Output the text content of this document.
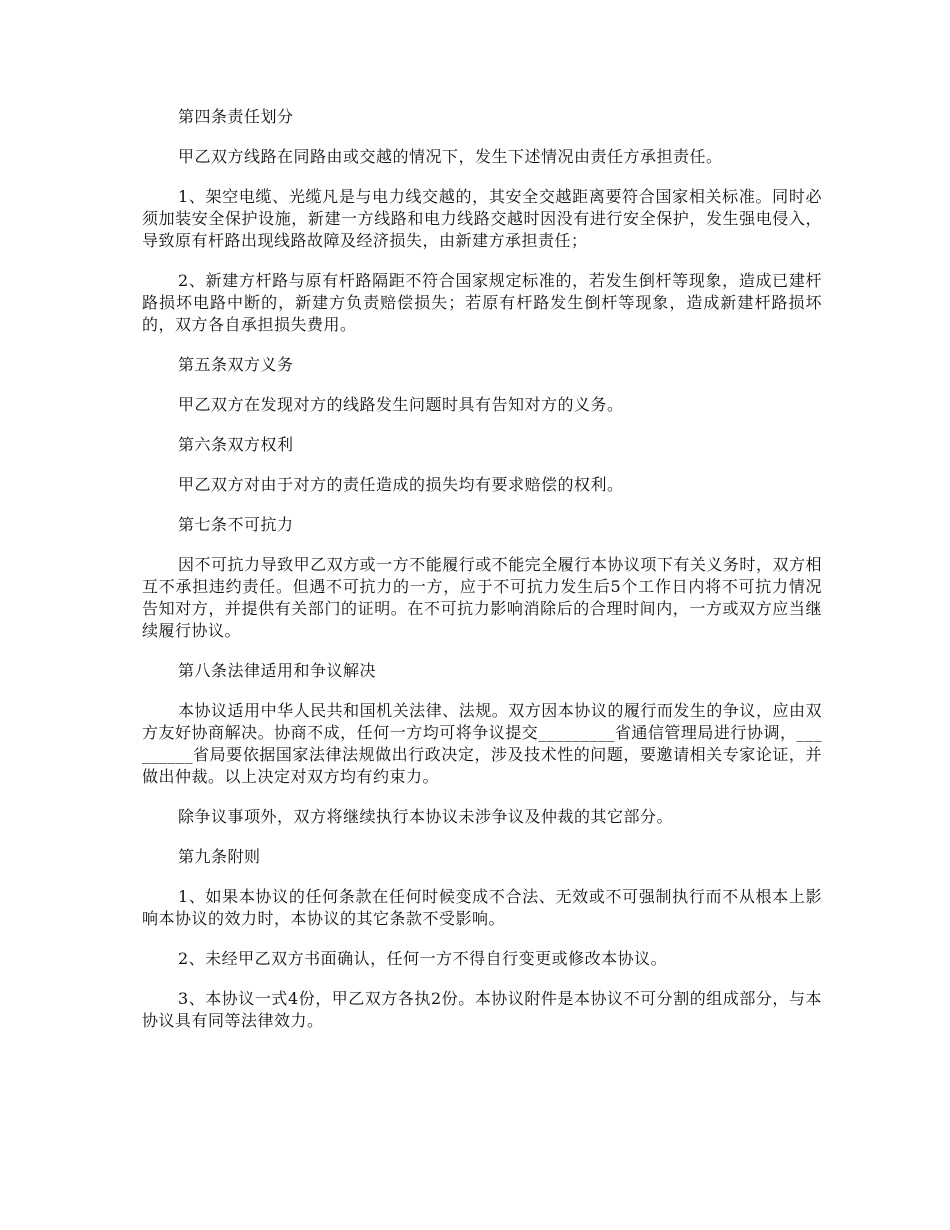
第四条责任划分

甲乙双方线路在同路由或交越的情况下，发生下述情况由责任方承担责任。

1、架空电缆、光缆凡是与电力线交越的，其安全交越距离要符合国家相关标准。同时必须加装安全保护设施，新建一方线路和电力线路交越时因没有进行安全保护，发生强电侵入，导致原有杆路出现线路故障及经济损失，由新建方承担责任；

2、新建方杆路与原有杆路隔距不符合国家规定标准的，若发生倒杆等现象，造成已建杆路损坏电路中断的，新建方负责赔偿损失；若原有杆路发生倒杆等现象，造成新建杆路损坏的，双方各自承担损失费用。

第五条双方义务

甲乙双方在发现对方的线路发生问题时具有告知对方的义务。

第六条双方权利

甲乙双方对由于对方的责任造成的损失均有要求赔偿的权利。

第七条不可抗力

因不可抗力导致甲乙双方或一方不能履行或不能完全履行本协议项下有关义务时，双方相互不承担违约责任。但遇不可抗力的一方，应于不可抗力发生后5个工作日内将不可抗力情况告知对方，并提供有关部门的证明。在不可抗力影响消除后的合理时间内，一方或双方应当继续履行协议。

第八条法律适用和争议解决

本协议适用中华人民共和国机关法律、法规。双方因本协议的履行而发生的争议，应由双方友好协商解决。协商不成，任何一方均可将争议提交_________省通信管理局进行协调，_________省局要依据国家法律法规做出行政决定，涉及技术性的问题，要邀请相关专家论证，并做出仲裁。以上决定对双方均有约束力。

除争议事项外，双方将继续执行本协议未涉争议及仲裁的其它部分。

第九条附则

1、如果本协议的任何条款在任何时候变成不合法、无效或不可强制执行而不从根本上影响本协议的效力时，本协议的其它条款不受影响。

2、未经甲乙双方书面确认，任何一方不得自行变更或修改本协议。

3、本协议一式4份，甲乙双方各执2份。本协议附件是本协议不可分割的组成部分，与本协议具有同等法律效力。
